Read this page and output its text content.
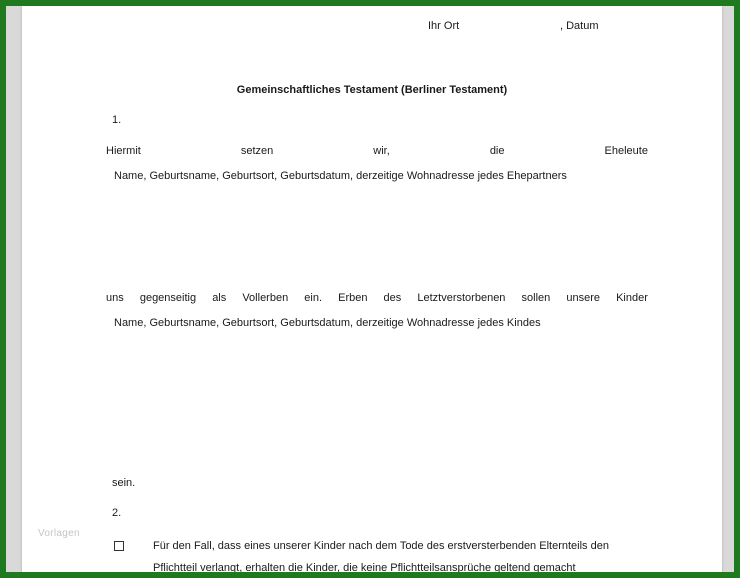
Ihr Ort	, Datum
Gemeinschaftliches Testament (Berliner Testament)
1.
Hiermit	setzen	wir,	die	Eheleute
Name, Geburtsname, Geburtsort, Geburtsdatum, derzeitige Wohnadresse jedes Ehepartners
uns gegenseitig als Vollerben ein. Erben des Letztverstorbenen sollen unsere Kinder
Name, Geburtsname, Geburtsort, Geburtsdatum, derzeitige Wohnadresse jedes Kindes
sein.
2.
Für den Fall, dass eines unserer Kinder nach dem Tode des erstversterbenden Elternteils den
Pflichtteil verlangt, erhalten die Kinder, die keine Pflichtteilsansprüche geltend gemacht
Vorlagen
